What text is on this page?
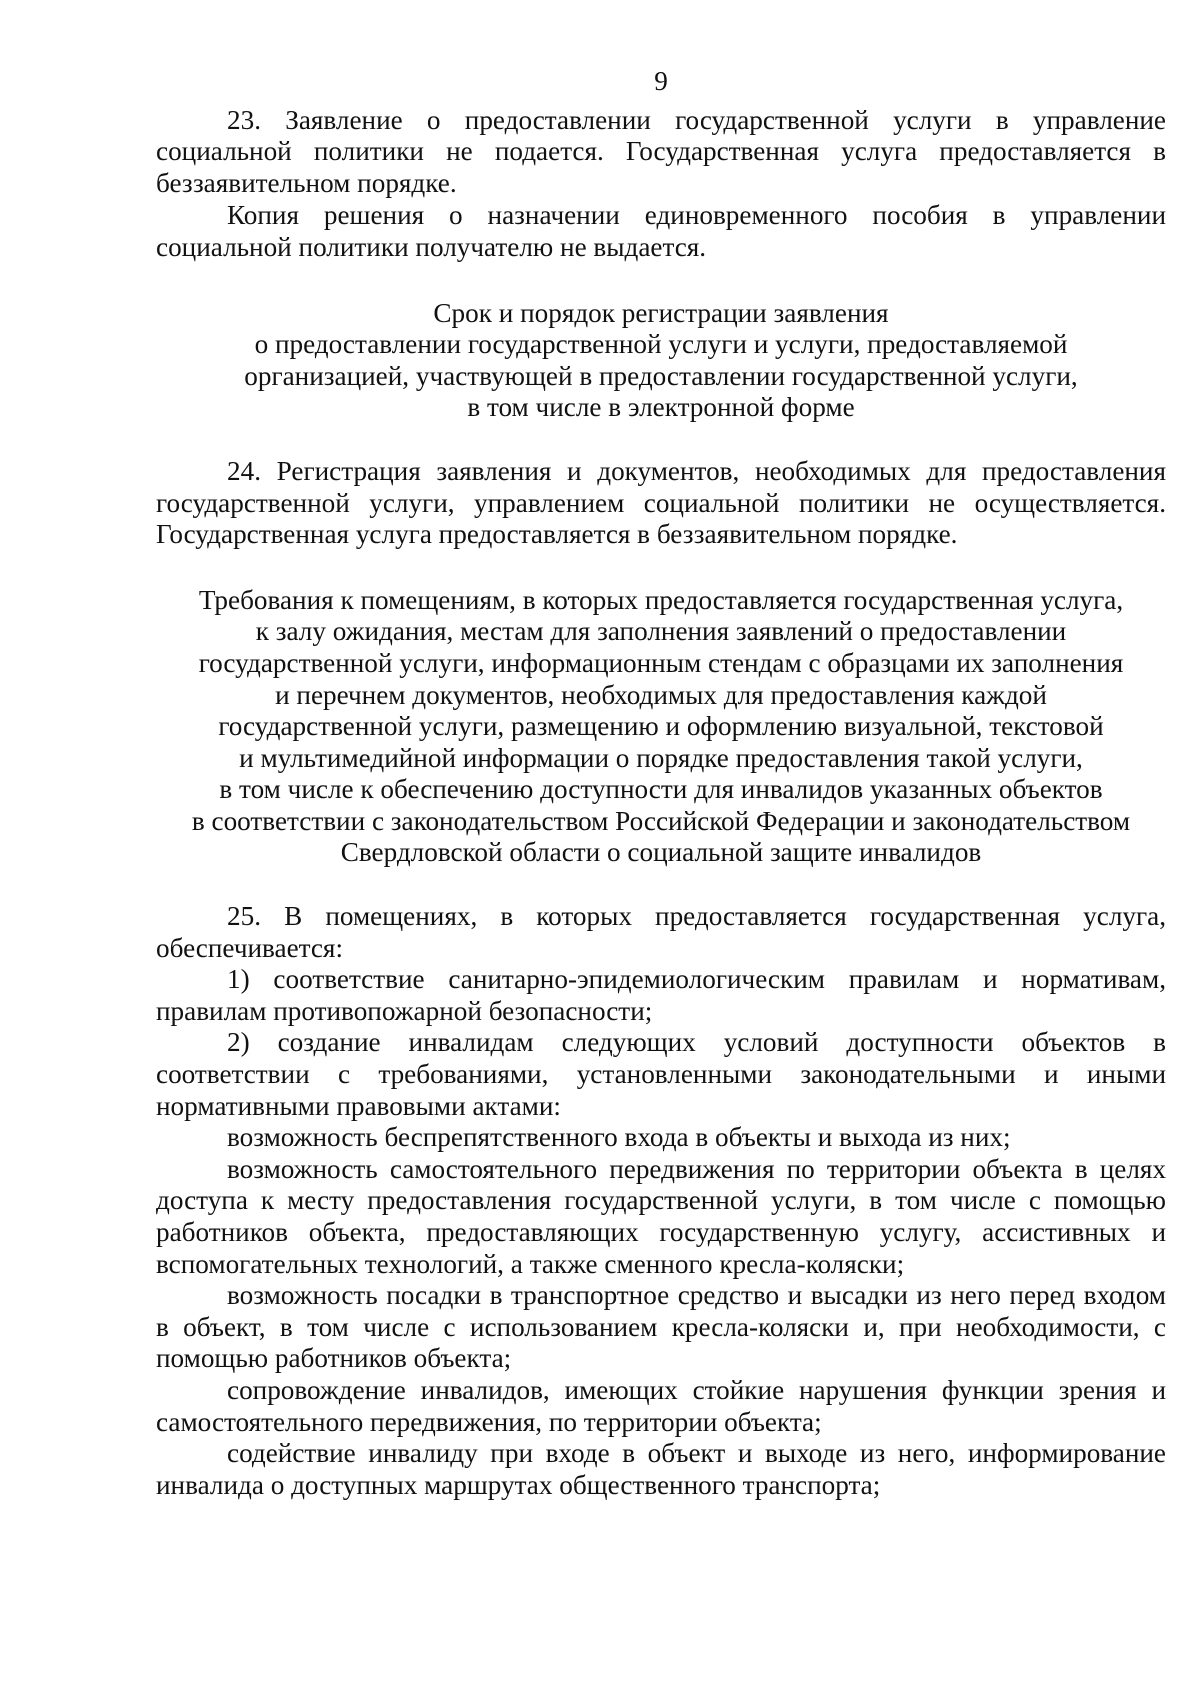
9

23. Заявление о предоставлении государственной услуги в управление социальной политики не подается. Государственная услуга предоставляется в беззаявительном порядке.

Копия решения о назначении единовременного пособия в управлении социальной политики получателю не выдается.

Срок и порядок регистрации заявления
о предоставлении государственной услуги и услуги, предоставляемой
организацией, участвующей в предоставлении государственной услуги,
в том числе в электронной форме

24. Регистрация заявления и документов, необходимых для предоставления государственной услуги, управлением социальной политики не осуществляется. Государственная услуга предоставляется в беззаявительном порядке.

Требования к помещениям, в которых предоставляется государственная услуга,
к залу ожидания, местам для заполнения заявлений о предоставлении
государственной услуги, информационным стендам с образцами их заполнения
и перечнем документов, необходимых для предоставления каждой
государственной услуги, размещению и оформлению визуальной, текстовой
и мультимедийной информации о порядке предоставления такой услуги,
в том числе к обеспечению доступности для инвалидов указанных объектов
в соответствии с законодательством Российской Федерации и законодательством
Свердловской области о социальной защите инвалидов

25. В помещениях, в которых предоставляется государственная услуга, обеспечивается:

1) соответствие санитарно-эпидемиологическим правилам и нормативам, правилам противопожарной безопасности;

2) создание инвалидам следующих условий доступности объектов в соответствии с требованиями, установленными законодательными и иными нормативными правовыми актами:

возможность беспрепятственного входа в объекты и выхода из них;

возможность самостоятельного передвижения по территории объекта в целях доступа к месту предоставления государственной услуги, в том числе с помощью работников объекта, предоставляющих государственную услугу, ассистивных и вспомогательных технологий, а также сменного кресла-коляски;

возможность посадки в транспортное средство и высадки из него перед входом в объект, в том числе с использованием кресла-коляски и, при необходимости, с помощью работников объекта;

сопровождение инвалидов, имеющих стойкие нарушения функции зрения и самостоятельного передвижения, по территории объекта;

содействие инвалиду при входе в объект и выходе из него, информирование инвалида о доступных маршрутах общественного транспорта;
